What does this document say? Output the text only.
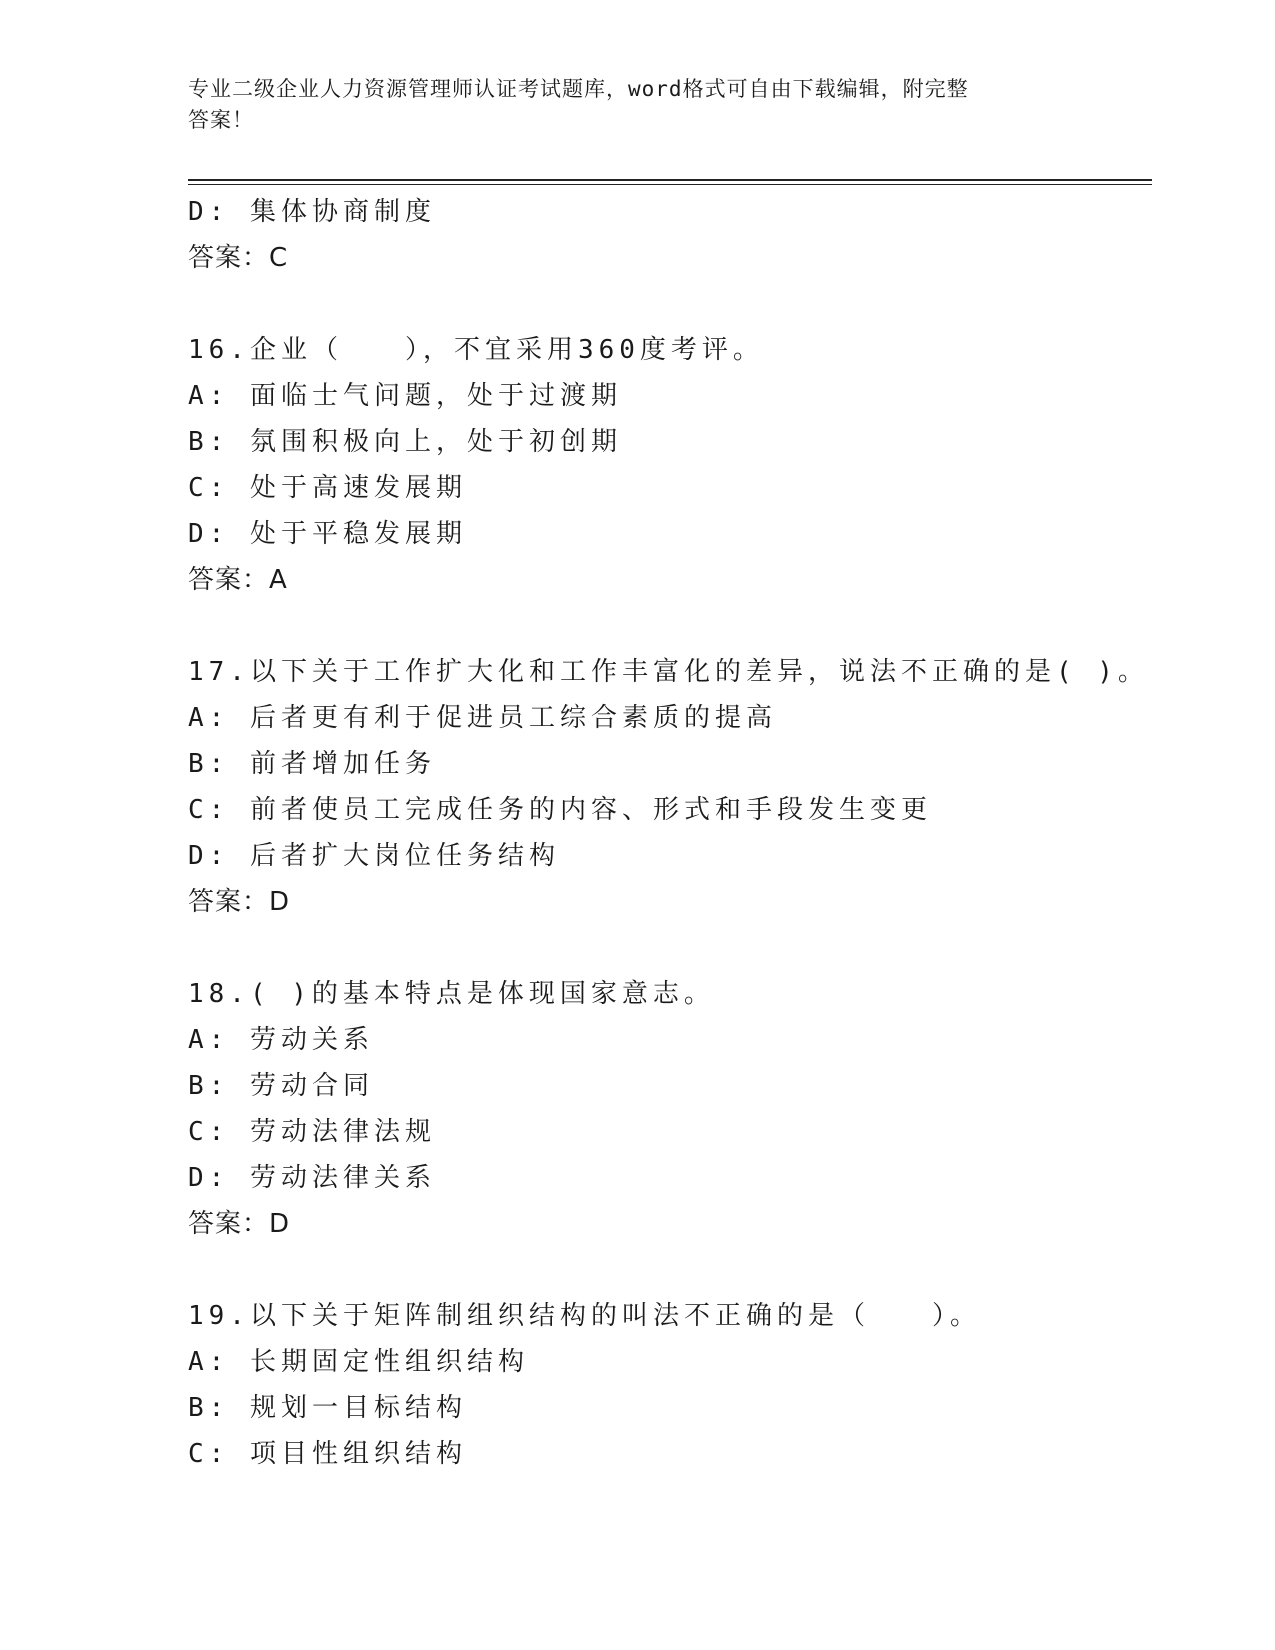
专业二级企业人力资源管理师认证考试题库，word格式可自由下载编辑，附完整
答案！
D: 集体协商制度
答案：C
16.企业（　　），不宜采用360度考评。
A: 面临士气问题，处于过渡期
B: 氛围积极向上，处于初创期
C: 处于高速发展期
D: 处于平稳发展期
答案：A
17.以下关于工作扩大化和工作丰富化的差异，说法不正确的是( )。
A: 后者更有利于促进员工综合素质的提高
B: 前者增加任务
C: 前者使员工完成任务的内容、形式和手段发生变更
D: 后者扩大岗位任务结构
答案：D
18.( )的基本特点是体现国家意志。
A: 劳动关系
B: 劳动合同
C: 劳动法律法规
D: 劳动法律关系
答案：D
19.以下关于矩阵制组织结构的叫法不正确的是（　　）。
A: 长期固定性组织结构
B: 规划一目标结构
C: 项目性组织结构
